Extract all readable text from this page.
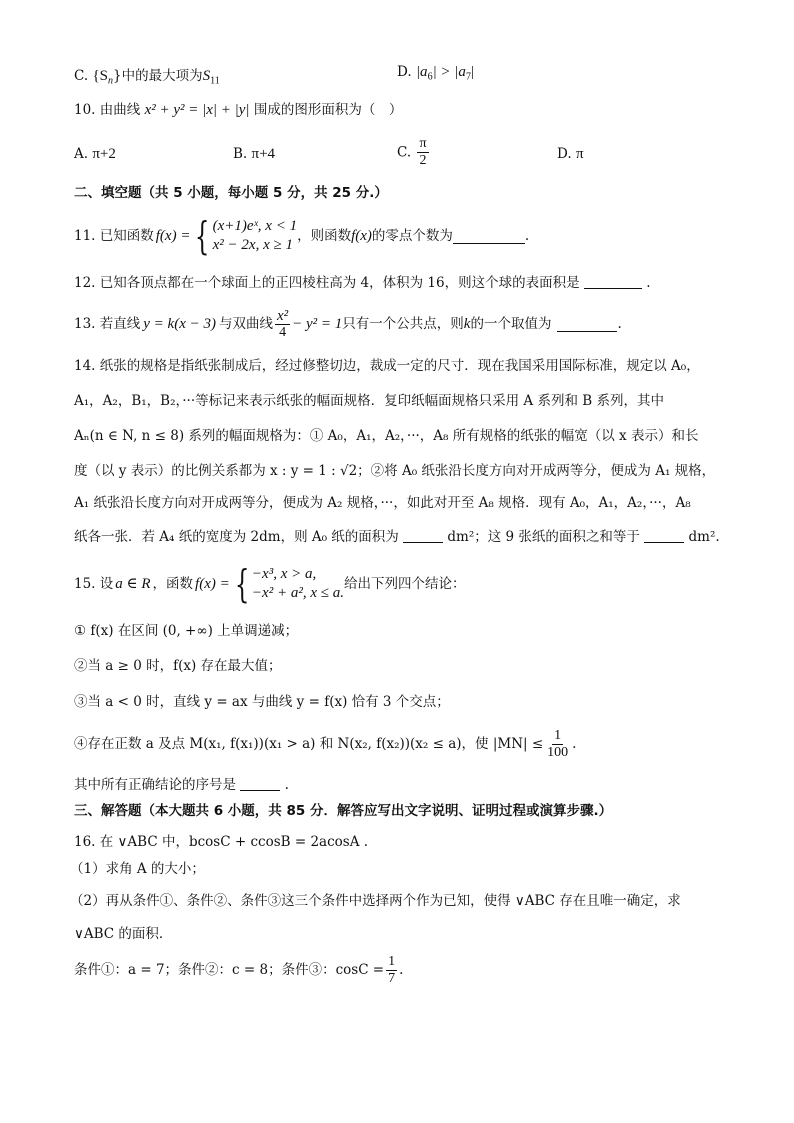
C. $\{S_n\}$中的最大项为$S_{11}$
D. $|a_6| > |a_7|$
10. 由曲线 x² + y² = |x| + |y| 围成的图形面积为（　）
A. π+2	B. π+4	C. $\frac{\pi}{2}$	D. π
二、填空题（共 5 小题，每小题 5 分，共 25 分.）
11. 已知函数 f(x) = { (x+1)eˣ, x < 1
x² − 2x, x ≥ 1
，则函数 f(x) 的零点个数为	.
12. 已知各顶点都在一个球面上的正四棱柱高为 4，体积为 16，则这个球的表面积是	.
13. 若直线 y = k(x − 3) 与双曲线 $\frac{\text{x²}}{4} - y^2 = 1$ 只有一个公共点，则 k 的一个取值为	.
14. 纸张的规格是指纸张制成后，经过修整切边，裁成一定的尺寸．现在我国采用国际标准，规定以 A₀，
A₁，A₂，B₁，B₂，···等标记来表示纸张的幅面规格．复印纸幅面规格只采用 A 系列和 B 系列，其中
Aₙ(n ∈ N, n ≤ 8) 系列的幅面规格为：① A₀，A₁，A₂，···，A₈ 所有规格的纸张的幅宽（以 x 表示）和长
度（以 y 表示）的比例关系都为 x : y = 1 : √2；②将 A₀ 纸张沿长度方向对开成两等分，便成为 A₁ 规格，
A₁ 纸张沿长度方向对开成两等分，便成为 A₂ 规格，···，如此对开至 A₈ 规格．现有 A₀，A₁，A₂，···，A₈
纸各一张．若 A₄ 纸的宽度为 2dm，则 A₀ 纸的面积为	dm²；这 9 张纸的面积之和等于	dm².
15. 设 a ∈ R ，函数 f(x) = { −x³, x > a,
−x² + a², x ≤ a.
给出下列四个结论：
① f(x) 在区间 (0, +∞) 上单调递减；
②当 a ≥ 0 时，f(x) 存在最大值；
③当 a < 0 时，直线 y = ax 与曲线 y = f(x) 恰有 3 个交点；
④存在正数 a 及点 M(x₁, f(x₁))(x₁ > a) 和 N(x₂, f(x₂))(x₂ ≤ a)，使 $|MN| \le \frac{1}{100}$ .
其中所有正确结论的序号是	.
三、解答题（本大题共 6 小题，共 85 分．解答应写出文字说明、证明过程或演算步骤.）
16. 在 ∨ABC 中，bcosC + ccosB = 2acosA .
（1）求角 A 的大小；
（2）再从条件①、条件②、条件③这三个条件中选择两个作为已知，使得 ∨ABC 存在且唯一确定，求
∨ABC 的面积．
条件①：a = 7；条件②：c = 8；条件③：$\cos C = \frac{1}{7}$ .
